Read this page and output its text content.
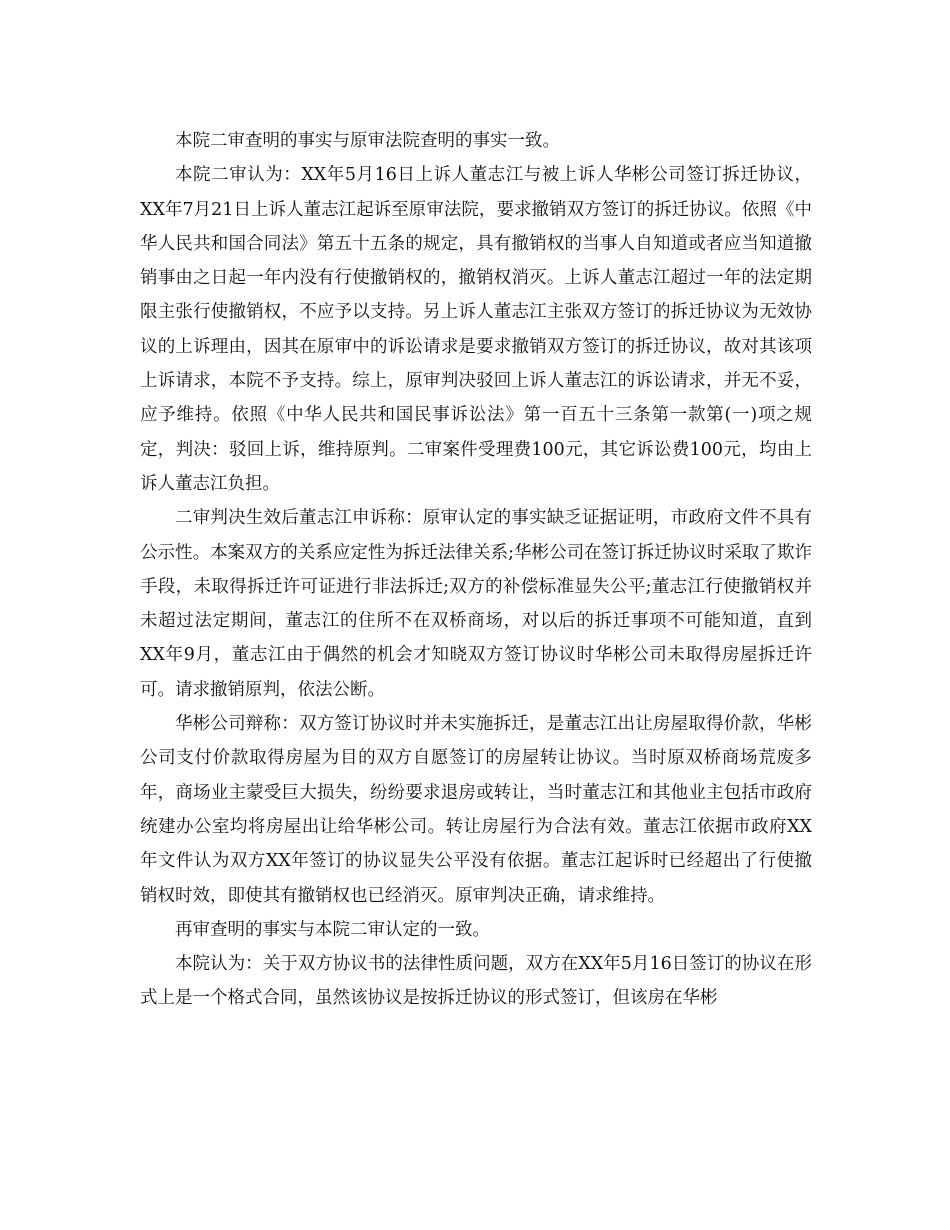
本院二审查明的事实与原审法院查明的事实一致。

本院二审认为：XX年5月16日上诉人董志江与被上诉人华彬公司签订拆迁协议，XX年7月21日上诉人董志江起诉至原审法院，要求撤销双方签订的拆迁协议。依照《中华人民共和国合同法》第五十五条的规定，具有撤销权的当事人自知道或者应当知道撤销事由之日起一年内没有行使撤销权的，撤销权消灭。上诉人董志江超过一年的法定期限主张行使撤销权，不应予以支持。另上诉人董志江主张双方签订的拆迁协议为无效协议的上诉理由，因其在原审中的诉讼请求是要求撤销双方签订的拆迁协议，故对其该项上诉请求，本院不予支持。综上，原审判决驳回上诉人董志江的诉讼请求，并无不妥，应予维持。依照《中华人民共和国民事诉讼法》第一百五十三条第一款第(一)项之规定，判决：驳回上诉，维持原判。二审案件受理费100元，其它诉讼费100元，均由上诉人董志江负担。

二审判决生效后董志江申诉称：原审认定的事实缺乏证据证明，市政府文件不具有公示性。本案双方的关系应定性为拆迁法律关系;华彬公司在签订拆迁协议时采取了欺诈手段，未取得拆迁许可证进行非法拆迁;双方的补偿标准显失公平;董志江行使撤销权并未超过法定期间，董志江的住所不在双桥商场，对以后的拆迁事项不可能知道，直到XX年9月，董志江由于偶然的机会才知晓双方签订协议时华彬公司未取得房屋拆迁许可。请求撤销原判，依法公断。

华彬公司辩称：双方签订协议时并未实施拆迁，是董志江出让房屋取得价款，华彬公司支付价款取得房屋为目的双方自愿签订的房屋转让协议。当时原双桥商场荒废多年，商场业主蒙受巨大损失，纷纷要求退房或转让，当时董志江和其他业主包括市政府统建办公室均将房屋出让给华彬公司。转让房屋行为合法有效。董志江依据市政府XX年文件认为双方XX年签订的协议显失公平没有依据。董志江起诉时已经超出了行使撤销权时效，即使其有撤销权也已经消灭。原审判决正确，请求维持。

再审查明的事实与本院二审认定的一致。

本院认为：关于双方协议书的法律性质问题，双方在XX年5月16日签订的协议在形式上是一个格式合同，虽然该协议是按拆迁协议的形式签订，但该房在华彬
